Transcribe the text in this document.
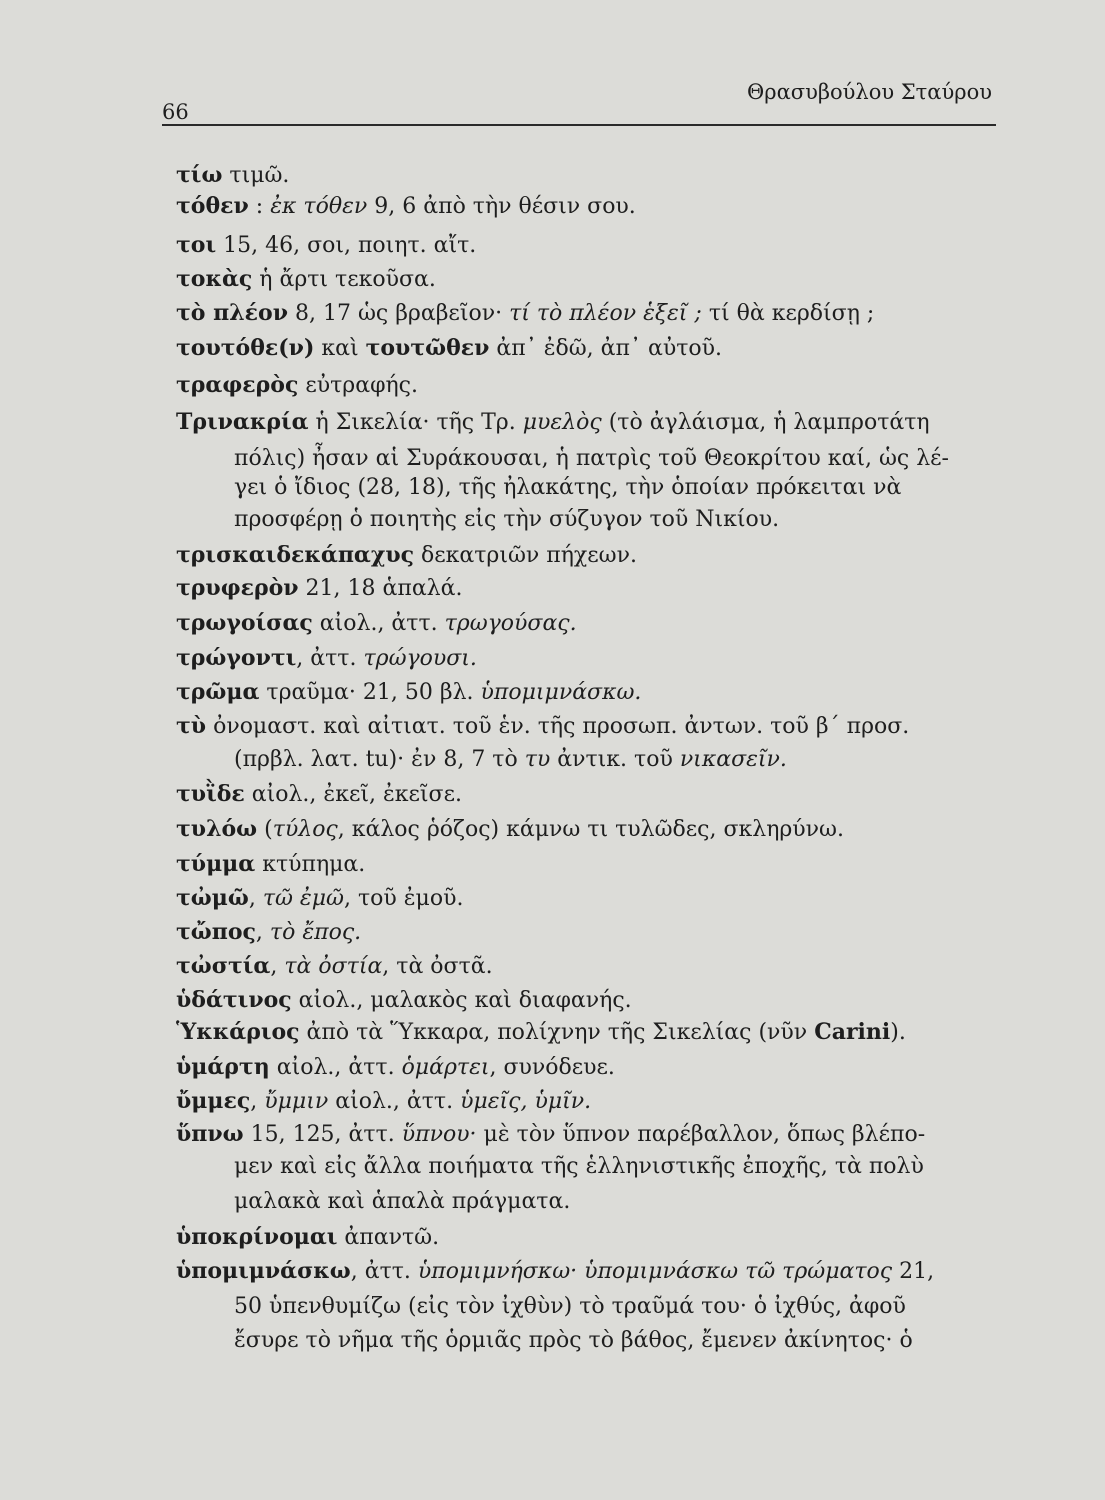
66
Θρασυβούλου Σταύρου
τίω τιμῶ.
τόθεν : ἐκ τόθεν 9, 6 ἀπὸ τὴν θέσιν σου.
τοι 15, 46, σοι, ποιητ. αἴτ.
τοκὰς ἡ ἄρτι τεκοῦσα.
τὸ πλέον 8, 17 ὡς βραβεῖον· τί τὸ πλέον ἑξεῖ ; τί θὰ κερδίσῃ ;
τουτόθε(ν) καὶ τουτῶθεν ἀπ᾽ ἐδῶ, ἀπ᾽ αὐτοῦ.
τραφερὸς εὐτραφής.
Τρινακρία ἡ Σικελία· τῆς Τρ. μυελὸς (τὸ ἀγλάισμα, ἡ λαμπροτάτη
πόλις) ἦσαν αἱ Συράκουσαι, ἡ πατρὶς τοῦ Θεοκρίτου καί, ὡς λέ-
γει ὁ ἴδιος (28, 18), τῆς ἠλακάτης, τὴν ὁποίαν πρόκειται νὰ
προσφέρῃ ὁ ποιητὴς εἰς τὴν σύζυγον τοῦ Νικίου.
τρισκαιδεκάπαχυς δεκατριῶν πήχεων.
τρυφερὸν 21, 18 ἁπαλά.
τρωγοίσας αἰολ., ἀττ. τρωγούσας.
τρώγοντι, ἀττ. τρώγουσι.
τρῶμα τραῦμα· 21, 50 βλ. ὑπομιμνάσκω.
τὺ ὀνομαστ. καὶ αἰτιατ. τοῦ ἑν. τῆς προσωπ. ἀντων. τοῦ β΄ προσ.
(πρβλ. λατ. tu)· ἐν 8, 7 τὸ τυ ἀντικ. τοῦ νικασεῖν.
τυῒδε αἰολ., ἐκεῖ, ἐκεῖσε.
τυλόω (τύλος, κάλος ῥόζος) κάμνω τι τυλῶδες, σκληρύνω.
τύμμα κτύπημα.
τὠμῶ, τῶ ἐμῶ, τοῦ ἐμοῦ.
τὤπος, τὸ ἔπος.
τὠστία, τὰ ὀστία, τὰ ὀστᾶ.
ὑδάτινος αἰολ., μαλακὸς καὶ διαφανής.
Ὑκκάριος ἀπὸ τὰ Ὕκκαρα, πολίχνην τῆς Σικελίας (νῦν Carini).
ὑμάρτη αἰολ., ἀττ. ὁμάρτει, συνόδευε.
ὔμμες, ὔμμιν αἰολ., ἀττ. ὑμεῖς, ὑμῖν.
ὕπνω 15, 125, ἀττ. ὕπνου· μὲ τὸν ὕπνον παρέβαλλον, ὅπως βλέπο-
μεν καὶ εἰς ἄλλα ποιήματα τῆς ἑλληνιστικῆς ἐποχῆς, τὰ πολὺ
μαλακὰ καὶ ἁπαλὰ πράγματα.
ὑποκρίνομαι ἀπαντῶ.
ὑπομιμνάσκω, ἀττ. ὑπομιμνήσκω· ὑπομιμνάσκω τῶ τρώματος 21,
50 ὑπενθυμίζω (εἰς τὸν ἰχθὺν) τὸ τραῦμά του· ὁ ἰχθύς, ἀφοῦ
ἔσυρε τὸ νῆμα τῆς ὁρμιᾶς πρὸς τὸ βάθος, ἔμενεν ἀκίνητος· ὁ
